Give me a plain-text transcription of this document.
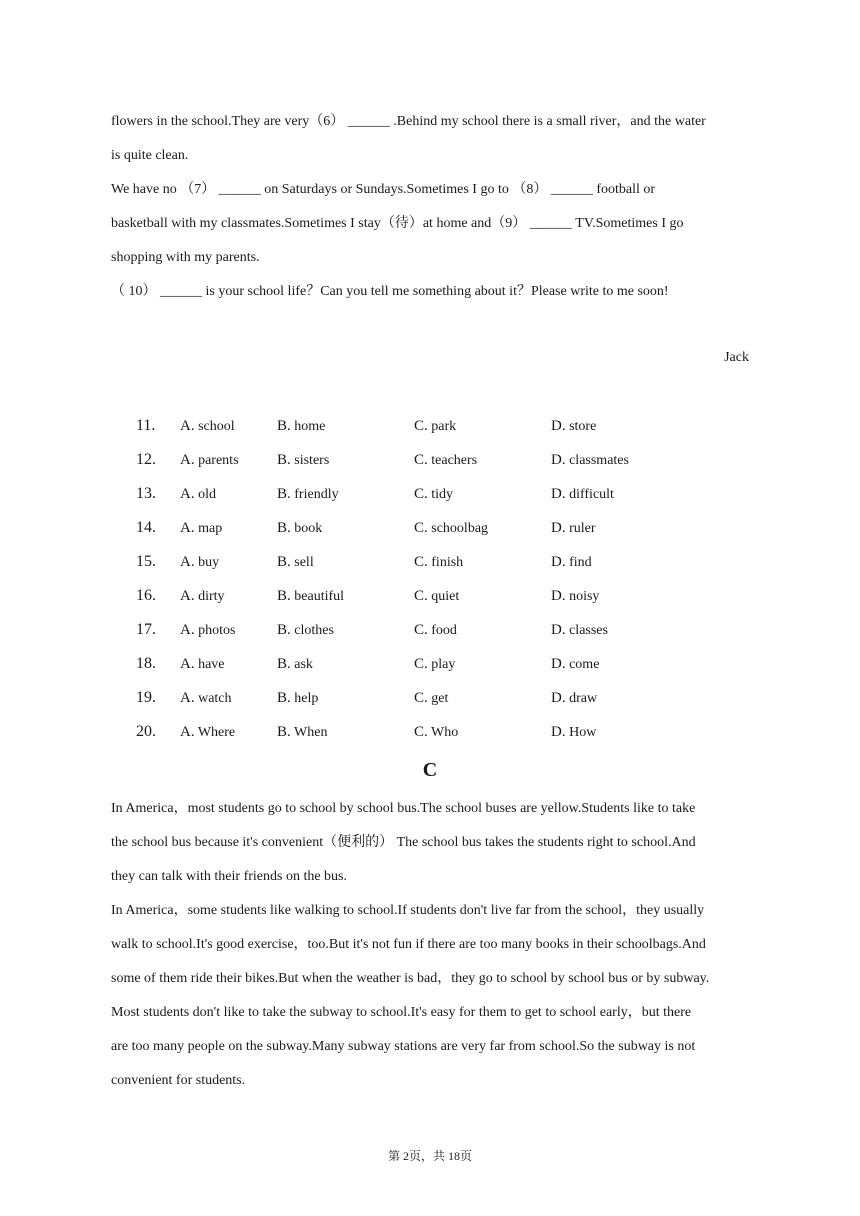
flowers in the school.They are very（6） ______ .Behind my school there is a small river，and the water
is quite clean.
We have no （7） ______ on Saturdays or Sundays.Sometimes I go to （8） ______ football or
basketball with my classmates.Sometimes I stay（待）at home and（9） ______ TV.Sometimes I go
shopping with my parents.
（ 10） ______ is your school life？Can you tell me something about it？Please write to me soon!
Jack
11. A. school	B. home	C. park	D. store
12. A. parents	B. sisters	C. teachers	D. classmates
13. A. old	B. friendly	C. tidy	D. difficult
14. A. map	B. book	C. schoolbag	D. ruler
15. A. buy	B. sell	C. finish	D. find
16. A. dirty	B. beautiful	C. quiet	D. noisy
17. A. photos	B. clothes	C. food	D. classes
18. A. have	B. ask	C. play	D. come
19. A. watch	B. help	C. get	D. draw
20. A. Where	B. When	C. Who	D. How
C
In America，most students go to school by school bus.The school buses are yellow.Students like to take
the school bus because it's convenient（便利的） The school bus takes the students right to school.And
they can talk with their friends on the bus.
In America，some students like walking to school.If students don't live far from the school，they usually
walk to school.It's good exercise，too.But it's not fun if there are too many books in their schoolbags.And
some of them ride their bikes.But when the weather is bad，they go to school by school bus or by subway.
Most students don't like to take the subway to school.It's easy for them to get to school early，but there
are too many people on the subway.Many subway stations are very far from school.So the subway is not
convenient for students.
第 2页，共 18页
